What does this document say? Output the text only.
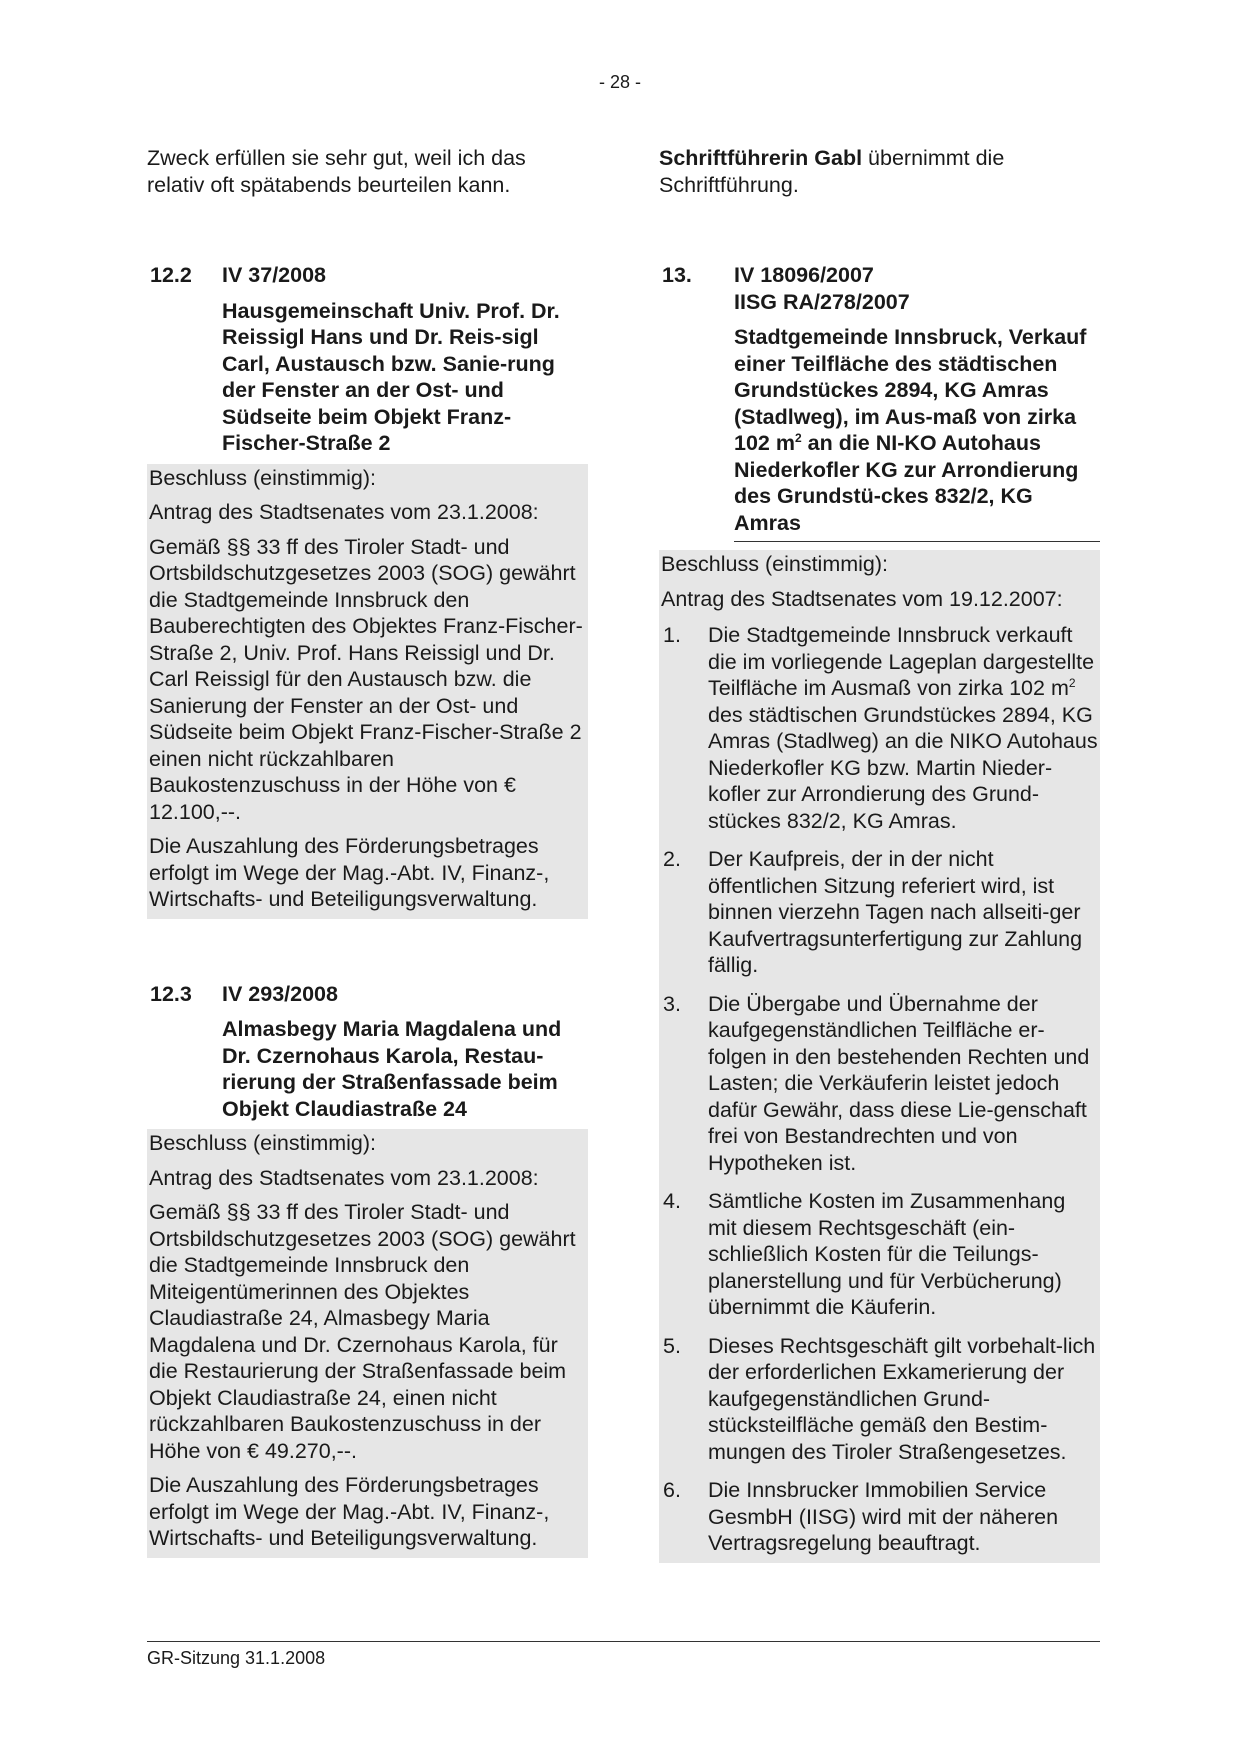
- 28 -

Zweck erfüllen sie sehr gut, weil ich das relativ oft spätabends beurteilen kann.

12.2 IV 37/2008
Hausgemeinschaft Univ. Prof. Dr. Reissigl Hans und Dr. Reis-sigl Carl, Austausch bzw. Sanie-rung der Fenster an der Ost- und Südseite beim Objekt Franz-Fischer-Straße 2

Beschluss (einstimmig):

Antrag des Stadtsenates vom 23.1.2008:

Gemäß §§ 33 ff des Tiroler Stadt- und Ortsbildschutzgesetzes 2003 (SOG) gewährt die Stadtgemeinde Innsbruck den Bauberechtigten des Objektes Franz-Fischer-Straße 2, Univ. Prof. Hans Reissigl und Dr. Carl Reissigl für den Austausch bzw. die Sanierung der Fenster an der Ost- und Südseite beim Objekt Franz-Fischer-Straße 2 einen nicht rückzahlbaren Baukostenzuschuss in der Höhe von € 12.100,--.

Die Auszahlung des Förderungsbetrages erfolgt im Wege der Mag.-Abt. IV, Finanz-, Wirtschafts- und Beteiligungsverwaltung.

12.3 IV 293/2008
Almasbegy Maria Magdalena und Dr. Czernohaus Karola, Restau-rierung der Straßenfassade beim Objekt Claudiastraße 24

Beschluss (einstimmig):

Antrag des Stadtsenates vom 23.1.2008:

Gemäß §§ 33 ff des Tiroler Stadt- und Ortsbildschutzgesetzes 2003 (SOG) gewährt die Stadtgemeinde Innsbruck den Miteigentümerinnen des Objektes Claudiastraße 24, Almasbegy Maria Magdalena und Dr. Czernohaus Karola, für die Restaurierung der Straßenfassade beim Objekt Claudiastraße 24, einen nicht rückzahlbaren Baukostenzuschuss in der Höhe von € 49.270,--.

Die Auszahlung des Förderungsbetrages erfolgt im Wege der Mag.-Abt. IV, Finanz-, Wirtschafts- und Beteiligungsverwaltung.

Schriftführerin Gabl übernimmt die Schriftführung.

13. IV 18096/2007
IISG RA/278/2007
Stadtgemeinde Innsbruck, Verkauf einer Teilfläche des städtischen Grundstückes 2894, KG Amras (Stadlweg), im Aus-maß von zirka 102 $m^2$ an die NI-KO Autohaus Niederkofler KG zur Arrondierung des Grundstü-ckes 832/2, KG Amras

Beschluss (einstimmig):

Antrag des Stadtsenates vom 19.12.2007:

1. Die Stadtgemeinde Innsbruck verkauft die im vorliegende Lageplan dargestellte Teilfläche im Ausmaß von zirka 102 $m^2$ des städtischen Grundstückes 2894, KG Amras (Stadlweg) an die NIKO Autohaus Niederkofler KG bzw. Martin Nieder-kofler zur Arrondierung des Grund-stückes 832/2, KG Amras.
2. Der Kaufpreis, der in der nicht öffentlichen Sitzung referiert wird, ist binnen vierzehn Tagen nach allseiti-ger Kaufvertragsunterfertigung zur Zahlung fällig.
3. Die Übergabe und Übernahme der kaufgegenständlichen Teilfläche er-folgen in den bestehenden Rechten und Lasten; die Verkäuferin leistet jedoch dafür Gewähr, dass diese Lie-genschaft frei von Bestandrechten und von Hypotheken ist.
4. Sämtliche Kosten im Zusammenhang mit diesem Rechtsgeschäft (ein-schließlich Kosten für die Teilungs-planerstellung und für Verbücherung) übernimmt die Käuferin.
5. Dieses Rechtsgeschäft gilt vorbehalt-lich der erforderlichen Exkamerierung der kaufgegenständlichen Grund-stücksteilfläche gemäß den Bestim-mungen des Tiroler Straßengesetzes.
6. Die Innsbrucker Immobilien Service GesmbH (IISG) wird mit der näheren Vertragsregelung beauftragt.
GR-Sitzung 31.1.2008
